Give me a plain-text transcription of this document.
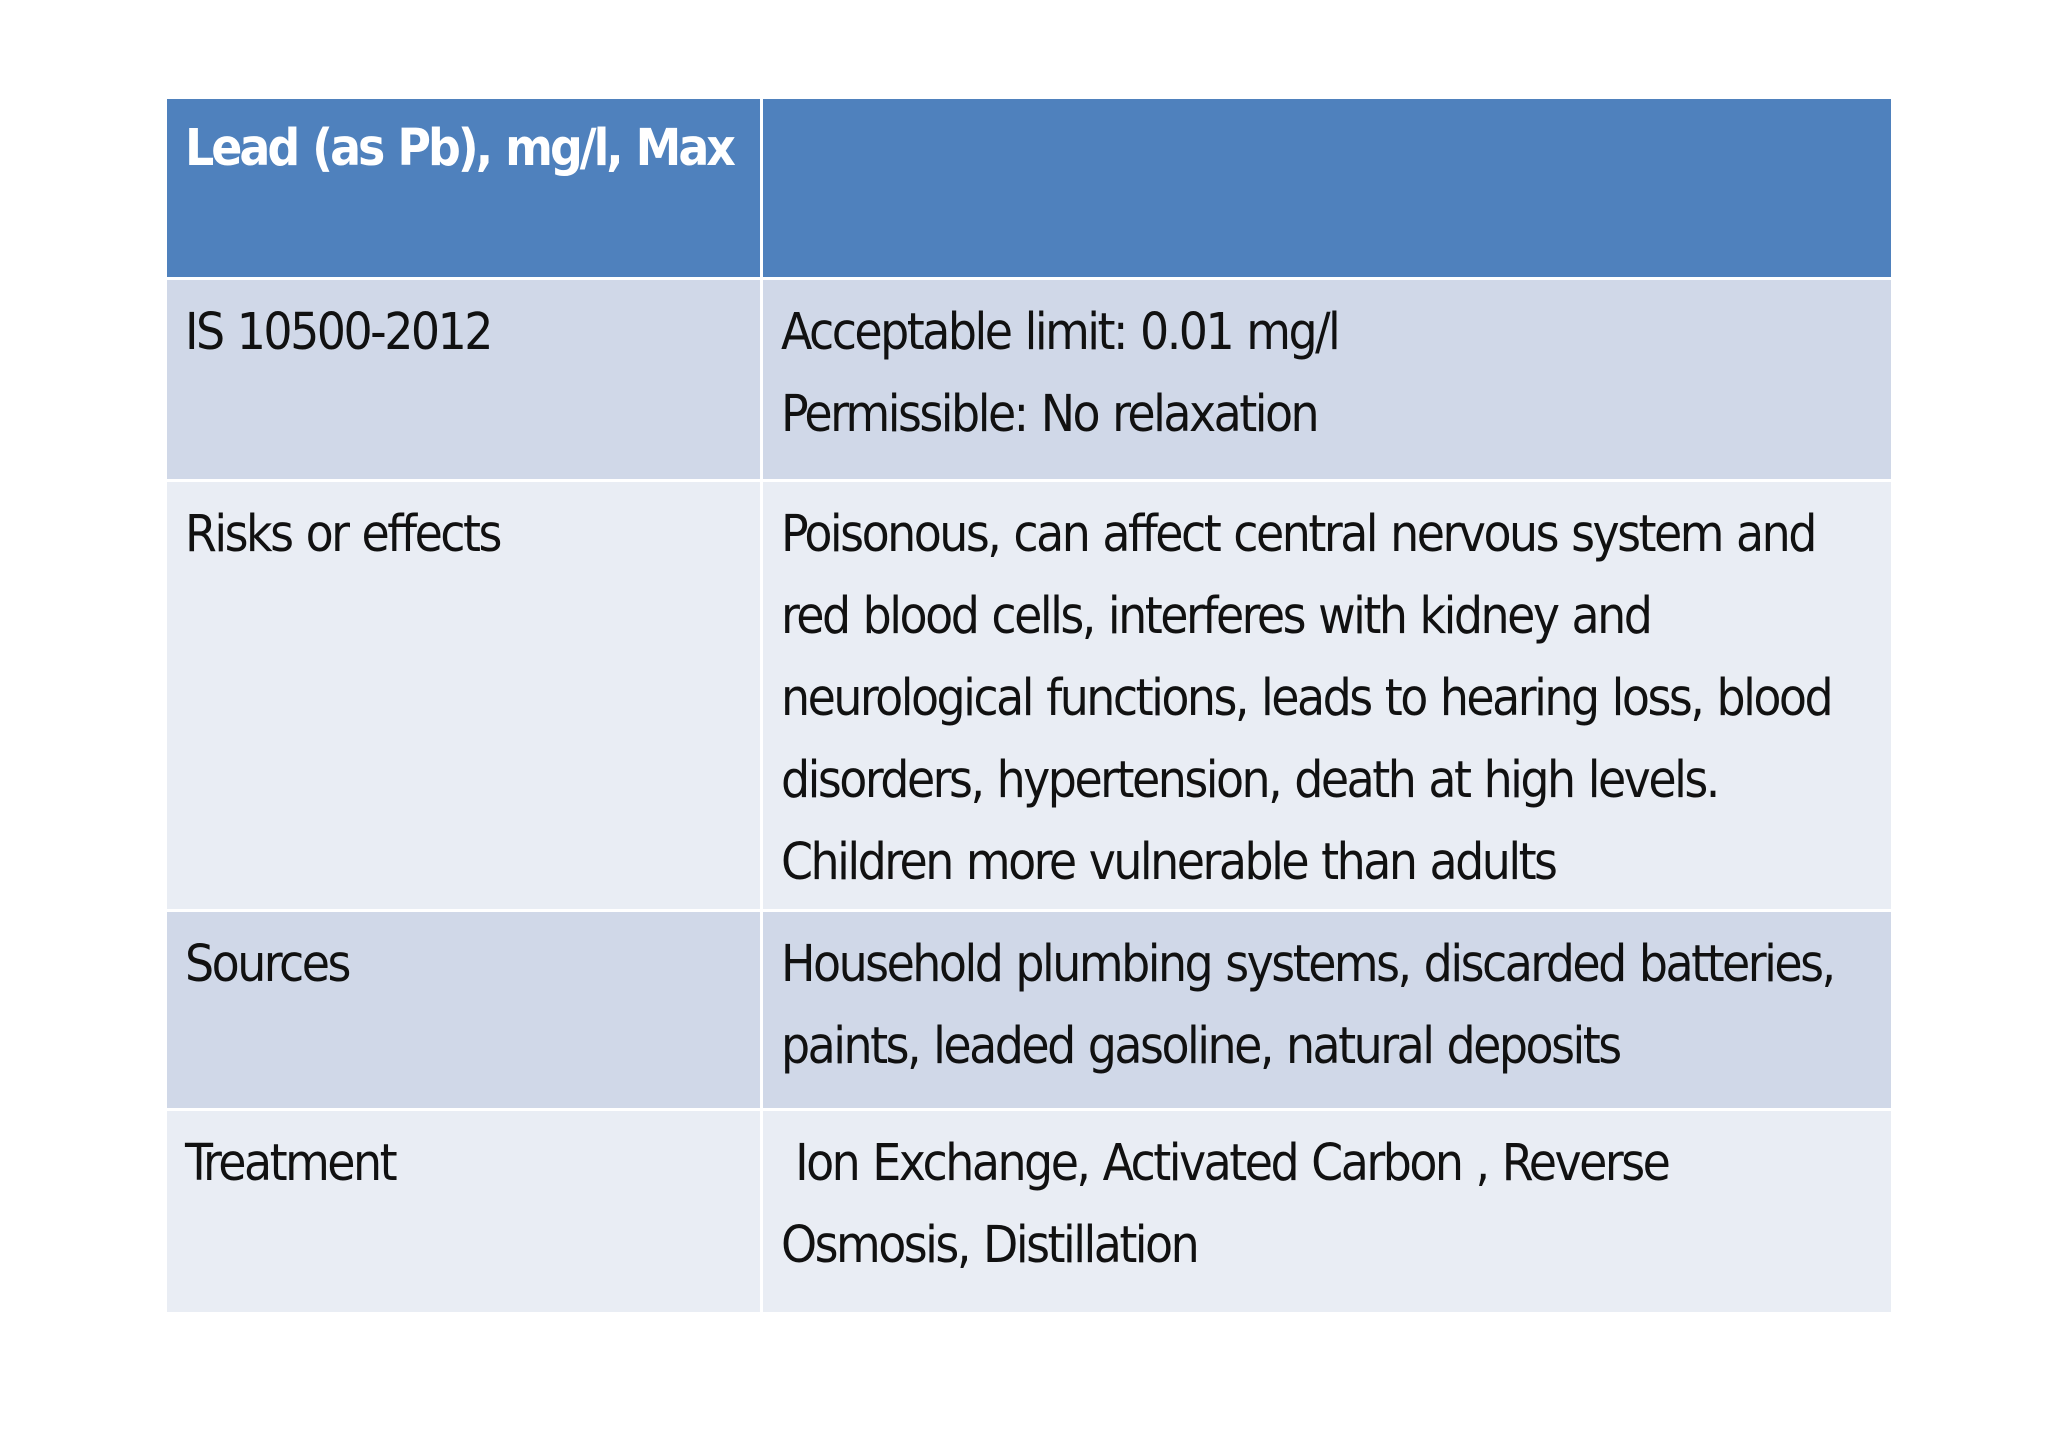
Lead (as Pb), mg/l, Max	
IS 10500-2012	Acceptable limit: 0.01 mg/l
Permissible: No relaxation

Risks or effects	Poisonous, can affect central nervous system and
red blood cells, interferes with kidney and
neurological functions, leads to hearing loss, blood
disorders, hypertension, death at high levels.
Children more vulnerable than adults

Sources	Household plumbing systems, discarded batteries,
paints, leaded gasoline, natural deposits

Treatment	Ion Exchange, Activated Carbon , Reverse
Osmosis, Distillation
